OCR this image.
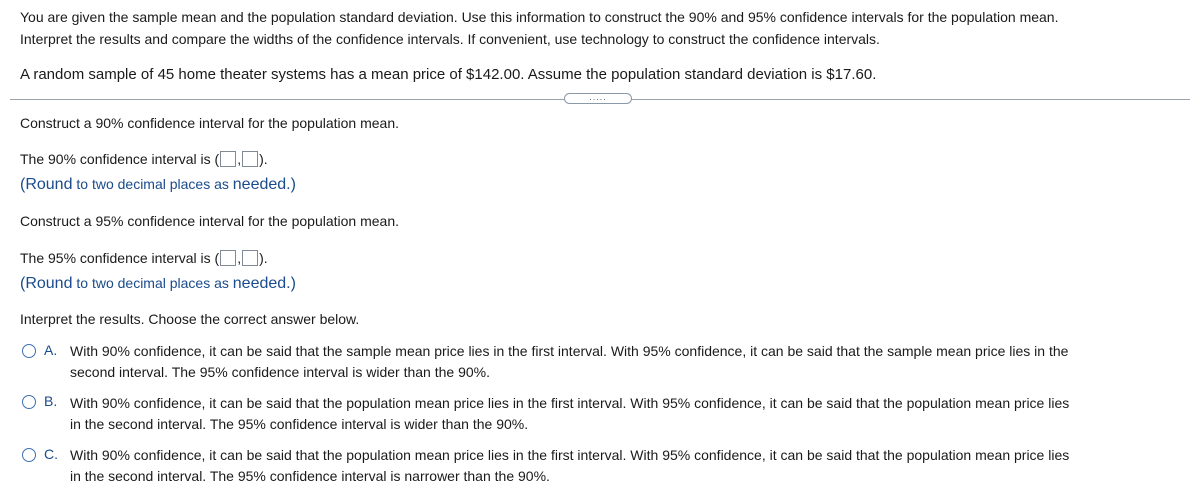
You are given the sample mean and the population standard deviation. Use this information to construct the 90% and 95% confidence intervals for the population mean.
Interpret the results and compare the widths of the confidence intervals. If convenient, use technology to construct the confidence intervals.
A random sample of 45 home theater systems has a mean price of $142.00. Assume the population standard deviation is $17.60.
.....
Construct a 90% confidence interval for the population mean.
The 90% confidence interval is ( , ).
(Round to two decimal places as needed.)
Construct a 95% confidence interval for the population mean.
The 95% confidence interval is ( , ).
(Round to two decimal places as needed.)
Interpret the results. Choose the correct answer below.
A. With 90% confidence, it can be said that the sample mean price lies in the first interval. With 95% confidence, it can be said that the sample mean price lies in the
second interval. The 95% confidence interval is wider than the 90%.
B. With 90% confidence, it can be said that the population mean price lies in the first interval. With 95% confidence, it can be said that the population mean price lies
in the second interval. The 95% confidence interval is wider than the 90%.
C. With 90% confidence, it can be said that the population mean price lies in the first interval. With 95% confidence, it can be said that the population mean price lies
in the second interval. The 95% confidence interval is narrower than the 90%.
